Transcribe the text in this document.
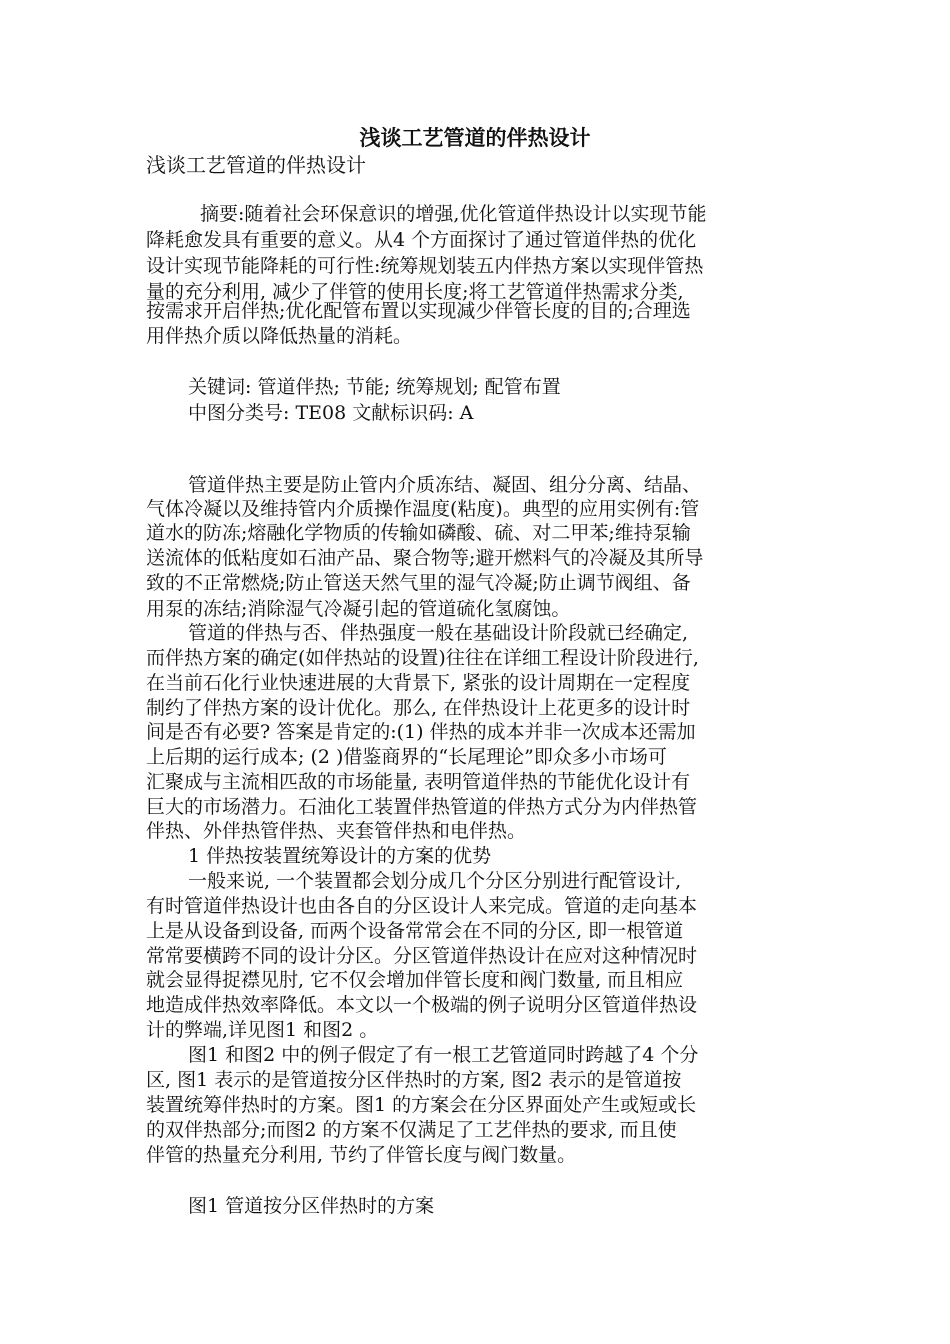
浅谈工艺管道的伴热设计

浅谈工艺管道的伴热设计

摘要:随着社会环保意识的增强,优化管道伴热设计以实现节能

降耗愈发具有重要的意义。从4 个方面探讨了通过管道伴热的优化

设计实现节能降耗的可行性:统筹规划装五内伴热方案以实现伴管热

量的充分利用, 减少了伴管的使用长度;将工艺管道伴热需求分类,

按需求开启伴热;优化配管布置以实现减少伴管长度的目的;合理选

用伴热介质以降低热量的消耗。

关键词: 管道伴热; 节能; 统筹规划; 配管布置

中图分类号: TE08 文献标识码: A

管道伴热主要是防止管内介质冻结、凝固、组分分离、结晶、

气体冷凝以及维持管内介质操作温度(粘度)。典型的应用实例有:管

道水的防冻;熔融化学物质的传输如磷酸、硫、对二甲苯;维持泵输

送流体的低粘度如石油产品、聚合物等;避开燃料气的冷凝及其所导

致的不正常燃烧;防止管送天然气里的湿气冷凝;防止调节阀组、备

用泵的冻结;消除湿气冷凝引起的管道硫化氢腐蚀。

管道的伴热与否、伴热强度一般在基础设计阶段就已经确定,

而伴热方案的确定(如伴热站的设置)往往在详细工程设计阶段进行,

在当前石化行业快速进展的大背景下, 紧张的设计周期在一定程度

制约了伴热方案的设计优化。那么, 在伴热设计上花更多的设计时

间是否有必要? 答案是肯定的:(1) 伴热的成本并非一次成本还需加

上后期的运行成本; (2 )借鉴商界的“长尾理论”即众多小市场可

汇聚成与主流相匹敌的市场能量, 表明管道伴热的节能优化设计有

巨大的市场潜力。石油化工装置伴热管道的伴热方式分为内伴热管

伴热、外伴热管伴热、夹套管伴热和电伴热。

1 伴热按装置统筹设计的方案的优势

一般来说, 一个装置都会划分成几个分区分别进行配管设计,

有时管道伴热设计也由各自的分区设计人来完成。管道的走向基本

上是从设备到设备, 而两个设备常常会在不同的分区, 即一根管道

常常要横跨不同的设计分区。分区管道伴热设计在应对这种情况时

就会显得捉襟见肘, 它不仅会增加伴管长度和阀门数量, 而且相应

地造成伴热效率降低。本文以一个极端的例子说明分区管道伴热设

计的弊端,详见图1 和图2 。

图1 和图2 中的例子假定了有一根工艺管道同时跨越了4 个分

区, 图1 表示的是管道按分区伴热时的方案, 图2 表示的是管道按

装置统筹伴热时的方案。图1 的方案会在分区界面处产生或短或长

的双伴热部分;而图2 的方案不仅满足了工艺伴热的要求, 而且使

伴管的热量充分利用, 节约了伴管长度与阀门数量。

图1 管道按分区伴热时的方案
